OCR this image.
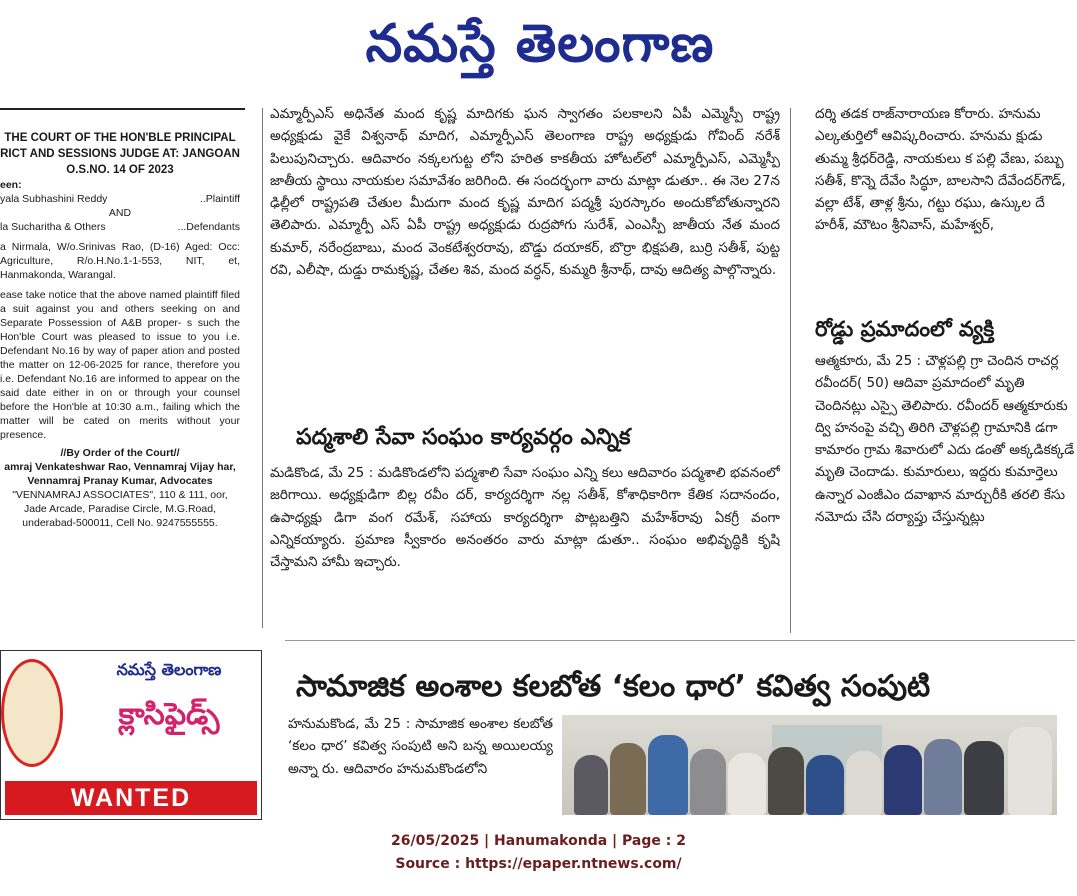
నమస్తే తెలంగాణ
THE COURT OF THE HON'BLE PRINCIPAL
RICT AND SESSIONS JUDGE AT: JANGOAN
O.S.NO. 14 OF 2023
een:
yala Subhashini Reddy	..Plaintiff
AND
la Sucharitha & Others	...Defendants

a Nirmala, W/o.Srinivas Rao, (D-16) Aged: Occ: Agriculture, R/o.H.No.1-1-553, NIT, et, Hanmakonda, Warangal.

ease take notice that the above named plaintiff filed a suit against you and others seeking on and Separate Possession of A&B proper- s such the Hon'ble Court was pleased to issue to you i.e. Defendant No.16 by way of paper ation and posted the matter on 12-06-2025 for rance, therefore you i.e. Defendant No.16 are informed to appear on the said date either in on or through your counsel before the Hon'ble at 10:30 a.m., failing which the matter will be cated on merits without your presence.

//By Order of the Court//
amraj Venkateshwar Rao, Vennamraj Vijay har, Vennamraj Pranay Kumar, Advocates
"VENNAMRAJ ASSOCIATES", 110 & 111, oor, Jade Arcade, Paradise Circle, M.G.Road, underabad-500011, Cell No. 9247555555.
ఎమ్మార్పీఎస్ అధినేత మంద కృష్ణ మాదిగకు ఘన స్వాగతం పలకాలని ఏపీ ఎమ్మెస్పీ రాష్ట్ర అధ్యక్షుడు వైకే విశ్వనాథ్ మాదిగ, ఎమ్మార్పీఎస్ తెలంగాణ రాష్ట్ర అధ్యక్షుడు గోవింద్ నరేశ్ పిలుపునిచ్చారు. ఆదివారం నక్కలగుట్ట లోని హరిత కాకతీయ హోటల్‌లో ఎమ్మార్పీఎస్, ఎమ్మెస్పీ జాతీయ స్థాయి నాయకుల సమావేశం జరిగింది. ఈ సందర్భంగా వారు మాట్లా డుతూ.. ఈ నెల 27న ఢిల్లీలో రాష్ట్రపతి చేతుల మీదుగా మంద కృష్ణ మాదిగ పద్మశ్రీ పురస్కారం అందుకోబోతున్నారని తెలిపారు. ఎమ్మార్పీ ఎస్ ఏపీ రాష్ట్ర అధ్యక్షుడు రుద్రపోగు సురేశ్, ఎంఎస్పీ జాతీయ నేత మంద కుమార్, నరేంద్రబాబు, మంద వెంకటేశ్వరరావు, బొడ్డు దయాకర్, బొర్రా భిక్షపతి, బుర్రి సతీశ్, పుట్ట రవి, ఎలీషా, దుడ్డు రామకృష్ణ, చేతల శివ, మంద వర్ధన్, కుమ్మరి శ్రీనాథ్, దావు ఆదిత్య పాల్గొన్నారు.
పద్మశాలి సేవా సంఘం కార్యవర్గం ఎన్నిక
మడికొండ, మే 25 : మడికొండలోని పద్మశాలి సేవా సంఘం ఎన్ని కలు ఆదివారం పద్మశాలి భవనంలో జరిగాయి. అధ్యక్షుడిగా బిల్ల రవీం దర్, కార్యదర్శిగా నల్ల సతీశ్, కోశాధికారిగా కేతిక సదానందం, ఉపాధ్యక్షు డిగా వంగ రమేశ్, సహాయ కార్యదర్శిగా పొట్లబత్తిని మహేశ్‌రావు ఏకగ్రీ వంగా ఎన్నికయ్యారు. ప్రమాణ స్వీకారం అనంతరం వారు మాట్లా డుతూ.. సంఘం అభివృద్ధికి కృషి చేస్తామని హామీ ఇచ్చారు.
దర్శి తడక రాజ్‌నారాయణ కోరారు. హనుమ ఎల్కతుర్తిలో ఆవిష్కరించారు. హనుమ క్షుడు తుమ్మ శ్రీధర్‌రెడ్డి, నాయకులు క పల్లి వేణు, పబ్బు సతీశ్, కొన్నె దేవేం సిద్ధూ, బాలసాని దేవేందర్‌గౌడ్, వల్లా టేశ్, తాళ్ల శ్రీను, గట్టు రఘు, ఉస్కుల దే హరీశ్, మౌటం శ్రీనివాస్, మహేశ్వర్,
రోడ్డు ప్రమాదంలో వ్యక్తి
ఆత్మకూరు, మే 25 : చౌళ్లపల్లి గ్రా చెందిన రాచర్ల రవీందర్( 50) ఆదివా ప్రమాదంలో మృతి చెందినట్లు ఎస్సై తెలిపారు. రవీందర్ ఆత్మకూరుకు ద్వి హనంపై వచ్చి తిరిగి చౌళ్లపల్లి గ్రామానికి డగా కామారం గ్రామ శివారులో ఎదు డంతో అక్కడికక్కడే మృతి చెందాడు. కుమారులు, ఇద్దరు కుమార్తెలు ఉన్నార ఎంజీఎం దవాఖాన మార్చురీకి తరలి కేసు నమోదు చేసి దర్యాప్తు చేస్తున్నట్లు
నమస్తే తెలంగాణ
క్లాసిఫైడ్స్
WANTED
సామాజిక అంశాల కలబోత ‘కలం ధార’ కవిత్వ సంపుటి
హనుమకొండ, మే 25 : సామాజిక అంశాల కలబోత ‘కలం ధార’ కవిత్వ సంపుటి అని బన్న అయిలయ్య అన్నా రు. ఆదివారం హనుమకొండలోని
26/05/2025 | Hanumakonda | Page : 2
Source : https://epaper.ntnews.com/
